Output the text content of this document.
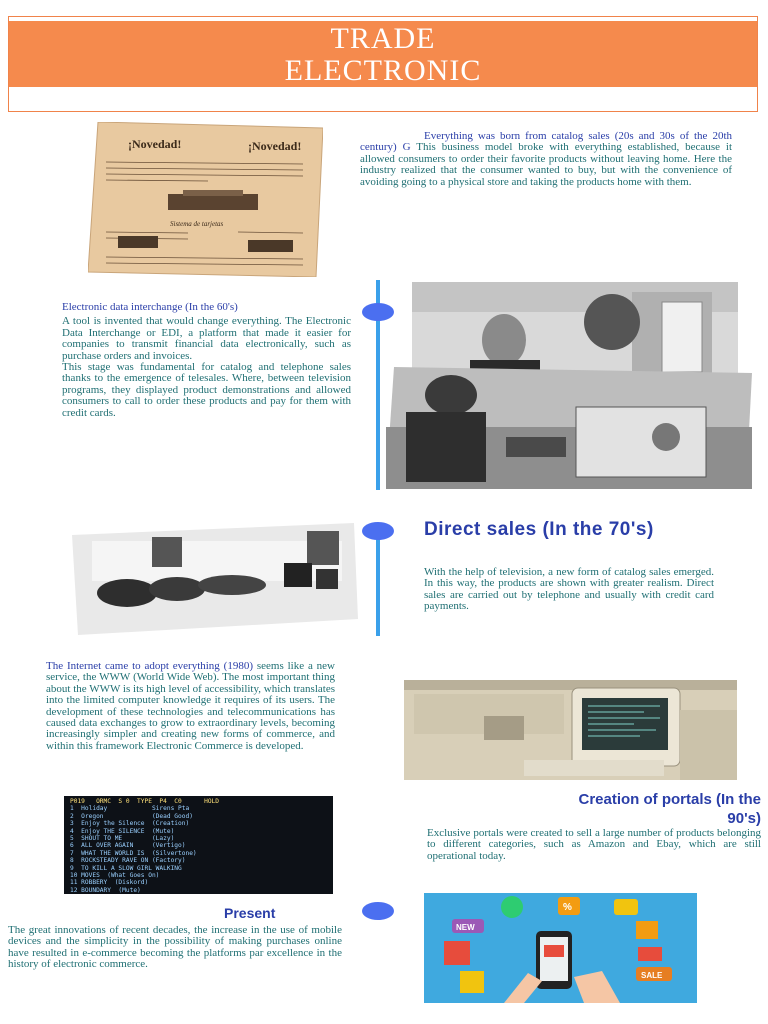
TRADE
ELECTRONIC
¡Novedad!	¡Novedad!
Sistema de tarjetas
Everything was born from catalog sales (20s and 30s of the 20th century) G This business model broke with everything established, because it allowed consumers to order their favorite products without leaving home. Here the industry realized that the consumer wanted to buy, but with the convenience of avoiding going to a physical store and taking the products home with them.
Electronic data interchange (In the 60's)
A tool is invented that would change everything. The Electronic Data Interchange or EDI, a platform that made it easier for companies to transmit financial data electronically, such as purchase orders and invoices.
This stage was fundamental for catalog and telephone sales thanks to the emergence of telesales. Where, between television programs, they displayed product demonstrations and allowed consumers to call to order these products and pay for them with credit cards.
Direct sales (In the 70's)
With the help of television, a new form of catalog sales emerged. In this way, the products are shown with greater realism. Direct sales are carried out by telephone and usually with credit card payments.
The Internet came to adopt everything (1980) seems like a new service, the WWW (World Wide Web). The most important thing about the WWW is its high level of accessibility, which translates into the limited computer knowledge it requires of its users. The development of these technologies and telecommunications has caused data exchanges to grow to extraordinary levels, becoming increasingly simpler and creating new forms of commerce, and within this framework Electronic Commerce is developed.
P019   ORMC  S 0  TYPE  P4  C0      HOLD
1  Holiday            Sirens Pta
2  Oregon             (Dead Good)
3  Enjoy the Silence  (Creation)
4  Enjoy THE SILENCE  (Mute)
5  SHOUT TO ME        (Lazy)
6  ALL OVER AGAIN     (Vertigo)
7  WHAT THE WORLD IS  (Silvertone)
8  ROCKSTEADY RAVE ON (Factory)
9  TO KILL A SLOW GIRL WALKING
10 MOVES  (What Goes On)
11 ROBBERY  (Diskord)
12 BOUNDARY  (Mute)
Creation of portals (In the
90's)
Exclusive portals were created to sell a large number of products belonging to different categories, such as Amazon and Ebay, which are still operational today.
Present
The great innovations of recent decades, the increase in the use of mobile devices and the simplicity in the possibility of making purchases online have resulted in e-commerce becoming the platforms par excellence in the history of electronic commerce.
%
NEW
SALE
